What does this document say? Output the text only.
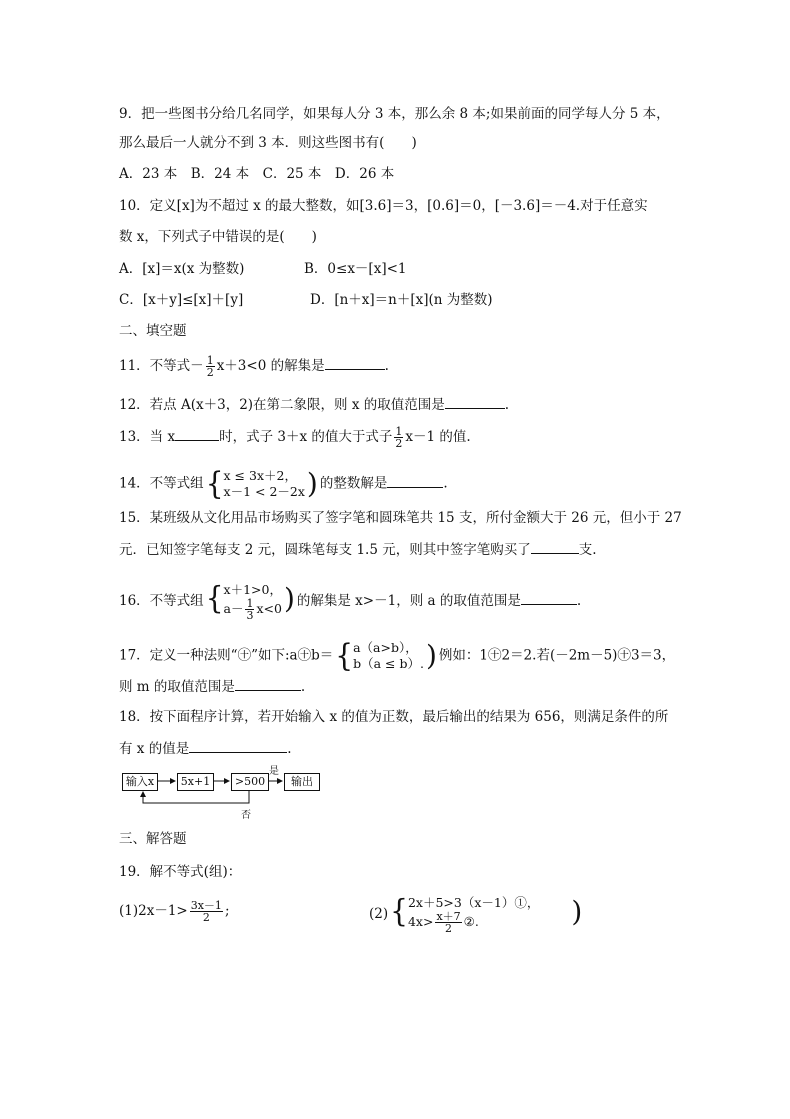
9．把一些图书分给几名同学，如果每人分 3 本，那么余 8 本;如果前面的同学每人分 5 本，
那么最后一人就分不到 3 本．则这些图书有(　　)
A．23 本　B．24 本　C．25 本　D．26 本
10．定义[x]为不超过 x 的最大整数，如[3.6]＝3，[0.6]＝0，[－3.6]＝－4.对于任意实
数 x，下列式子中错误的是(　　)
A．[x]＝x(x 为整数)	B．0≤x－[x]<1
C．[x＋y]≤[x]＋[y]	D．[n＋x]＝n＋[x](n 为整数)
二、填空题
11．不等式－ $\frac{1}{2} x+3<0$ 的解集是	.
12．若点 A(x＋3，2)在第二象限，则 x 的取值范围是	.
13．当 x	时，式子 3＋x 的值大于式子 $\frac{1}{2} x-1$ 的值.
14．不等式组 { x ≤ 3x＋2，
x－1 < 2－2x ) 的整数解是	.
15．某班级从文化用品市场购买了签字笔和圆珠笔共 15 支，所付金额大于 26 元，但小于 27
元．已知签字笔每支 2 元，圆珠笔每支 1.5 元，则其中签字笔购买了	支.
16．不等式组 { x＋1>0，
$a- \frac{1}{3} x<0$ ) 的解集是 x>－1，则 a 的取值范围是	.
17．定义一种法则“㊉”如下:a㊉b＝ { a（a>b），
b（a ≤ b）. ) 例如：1㊉2＝2.若(－2m－5)㊉3＝3，
则 m 的取值范围是	.
18．按下面程序计算，若开始输入 x 的值为正数，最后输出的结果为 656，则满足条件的所
有 x 的值是	.
输入x	5x+1	>500	输出
是
否
三、解答题
19．解不等式(组)：
$(1)2x-1> \frac{3x-1}{2}$ ;	(2) { 2x＋5>3（x－1）①，
$4x> \frac{x+7}{2}$ ②.	)
